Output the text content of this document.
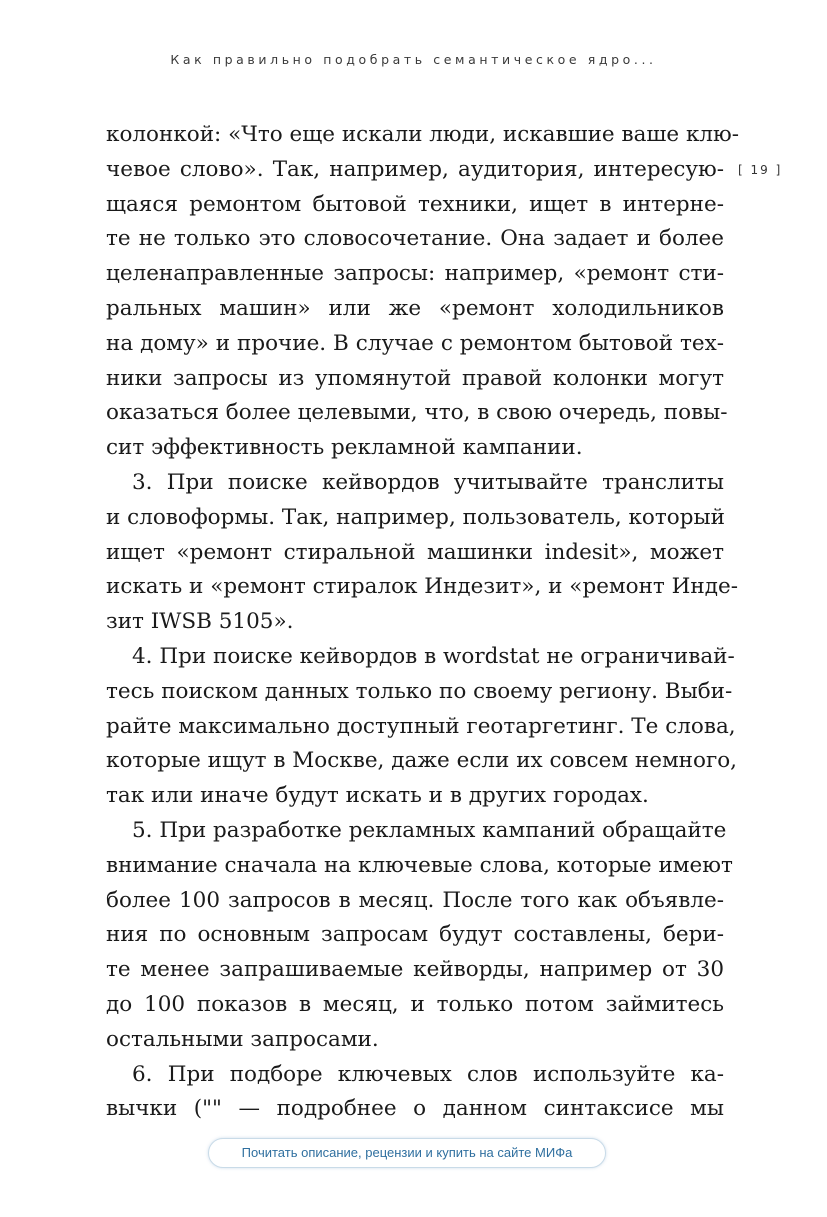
Как правильно подобрать семантическое ядро...
[ 19 ]
колонкой: «Что еще искали люди, искавшие ваше клю-
чевое слово». Так, например, аудитория, интересую-
щаяся ремонтом бытовой техники, ищет в интерне-
те не только это словосочетание. Она задает и более
целенаправленные запросы: например, «ремонт сти-
ральных машин» или же «ремонт холодильников
на дому» и прочие. В случае с ремонтом бытовой тех-
ники запросы из упомянутой правой колонки могут
оказаться более целевыми, что, в свою очередь, повы-
сит эффективность рекламной кампании.
3. При поиске кейвордов учитывайте транслиты
и словоформы. Так, например, пользователь, который
ищет «ремонт стиральной машинки indesit», может
искать и «ремонт стиралок Индезит», и «ремонт Инде-
зит IWSB 5105».
4. При поиске кейвордов в wordstat не ограничивай-
тесь поиском данных только по своему региону. Выби-
райте максимально доступный геотаргетинг. Те слова,
которые ищут в Москве, даже если их совсем немного,
так или иначе будут искать и в других городах.
5. При разработке рекламных кампаний обращайте
внимание сначала на ключевые слова, которые имеют
более 100 запросов в месяц. После того как объявле-
ния по основным запросам будут составлены, бери-
те менее запрашиваемые кейворды, например от 30
до 100 показов в месяц, и только потом займитесь
остальными запросами.
6. При подборе ключевых слов используйте ка-
вычки ("" — подробнее о данном синтаксисе мы
Почитать описание, рецензии и купить на сайте МИФа
